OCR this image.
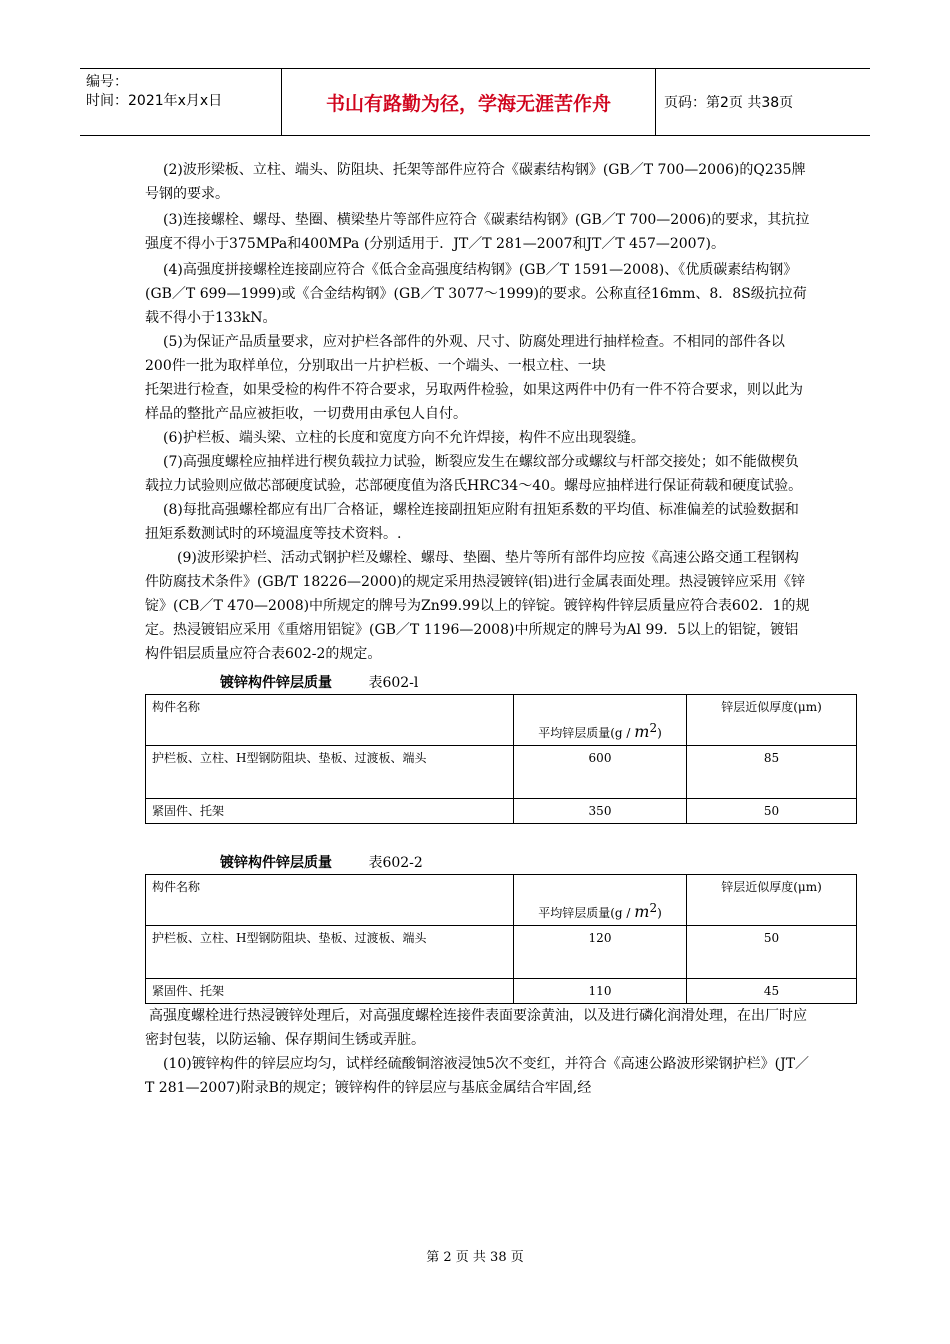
编号：
时间：2021年x月x日	书山有路勤为径，学海无涯苦作舟	页码：第2页 共38页

(2)波形梁板、立柱、端头、防阻块、托架等部件应符合《碳素结构钢》(GB／T 700—2006)的Q235牌号钢的要求。

(3)连接螺栓、螺母、垫圈、横梁垫片等部件应符合《碳素结构钢》(GB／T 700—2006)的要求，其抗拉强度不得小于375MPa和400MPa (分别适用于．JT／T 281—2007和JT／T 457—2007)。

(4)高强度拼接螺栓连接副应符合《低合金高强度结构钢》(GB／T 1591—2008)、《优质碳素结构钢》(GB／T 699—1999)或《合金结构钢》(GB／T 3077～1999)的要求。公称直径16mm、8．8S级抗拉荷载不得小于133kN。

(5)为保证产品质量要求，应对护栏各部件的外观、尺寸、防腐处理进行抽样检查。不相同的部件各以200件一批为取样单位，分别取出一片护栏板、一个端头、一根立柱、一块

托架进行检查，如果受检的构件不符合要求，另取两件检验，如果这两件中仍有一件不符合要求，则以此为样品的整批产品应被拒收，一切费用由承包人自付。

(6)护栏板、端头梁、立柱的长度和宽度方向不允许焊接，构件不应出现裂缝。

(7)高强度螺栓应抽样进行楔负载拉力试验，断裂应发生在螺纹部分或螺纹与杆部交接处；如不能做楔负载拉力试验则应做芯部硬度试验，芯部硬度值为洛氏HRC34～40。螺母应抽样进行保证荷载和硬度试验。

(8)每批高强螺栓都应有出厂合格证，螺栓连接副扭矩应附有扭矩系数的平均值、标准偏差的试验数据和扭矩系数测试时的环境温度等技术资料。.

(9)波形梁护栏、活动式钢护栏及螺栓、螺母、垫圈、垫片等所有部件均应按《高速公路交通工程钢构件防腐技术条件》(GB/T 18226—2000)的规定采用热浸镀锌(铝)进行金属表面处理。热浸镀锌应采用《锌锭》(CB／T 470—2008)中所规定的牌号为Zn99.99以上的锌锭。镀锌构件锌层质量应符合表602．1的规定。热浸镀铝应采用《重熔用铝锭》(GB／T 1196—2008)中所规定的牌号为Al 99．5以上的铝锭，镀铝构件铝层质量应符合表602-2的规定。

镀锌构件锌层质量	表602-l
构件名称	平均锌层质量$(g / m^2)$	锌层近似厚度(μm)
护栏板、立柱、H型钢防阻块、垫板、过渡板、端头	600	85
紧固件、托架	350	50
镀锌构件锌层质量	表602-2
构件名称	平均锌层质量$(g / m^2)$	锌层近似厚度(μm)
护栏板、立柱、H型钢防阻块、垫板、过渡板、端头	120	50
紧固件、托架	110	45

高强度螺栓进行热浸镀锌处理后，对高强度螺栓连接件表面要涂黄油，以及进行磷化润滑处理，在出厂时应密封包装，以防运输、保存期间生锈或弄脏。

(10)镀锌构件的锌层应均匀，试样经硫酸铜溶液浸蚀5次不变红，并符合《高速公路波形梁钢护栏》(JT／T 281—2007)附录B的规定；镀锌构件的锌层应与基底金属结合牢固,经

第 2 页 共 38 页
